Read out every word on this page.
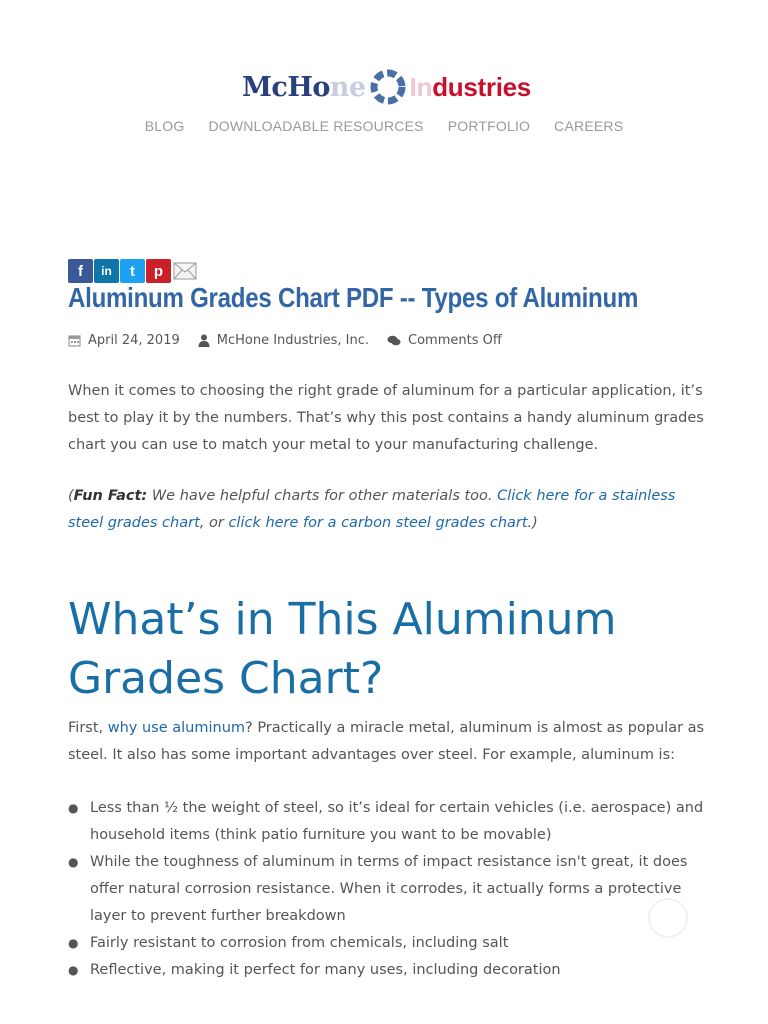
McHone Industries
BLOG DOWNLOADABLE RESOURCES PORTFOLIO CAREERS
f in t p
Aluminum Grades Chart PDF -- Types of Aluminum
April 24, 2019	McHone Industries, Inc.	Comments Off

When it comes to choosing the right grade of aluminum for a particular application, it’s best to play it by the numbers. That’s why this post contains a handy aluminum grades chart you can use to match your metal to your manufacturing challenge.

(Fun Fact: We have helpful charts for other materials too. Click here for a stainless steel grades chart, or click here for a carbon steel grades chart.)

What’s in This Aluminum Grades Chart?

First, why use aluminum? Practically a miracle metal, aluminum is almost as popular as steel. It also has some important advantages over steel. For example, aluminum is:

● Less than ½ the weight of steel, so it’s ideal for certain vehicles (i.e. aerospace) and household items (think patio furniture you want to be movable)
● While the toughness of aluminum in terms of impact resistance isn't great, it does offer natural corrosion resistance. When it corrodes, it actually forms a protective layer to prevent further breakdown
● Fairly resistant to corrosion from chemicals, including salt
● Reflective, making it perfect for many uses, including decoration
